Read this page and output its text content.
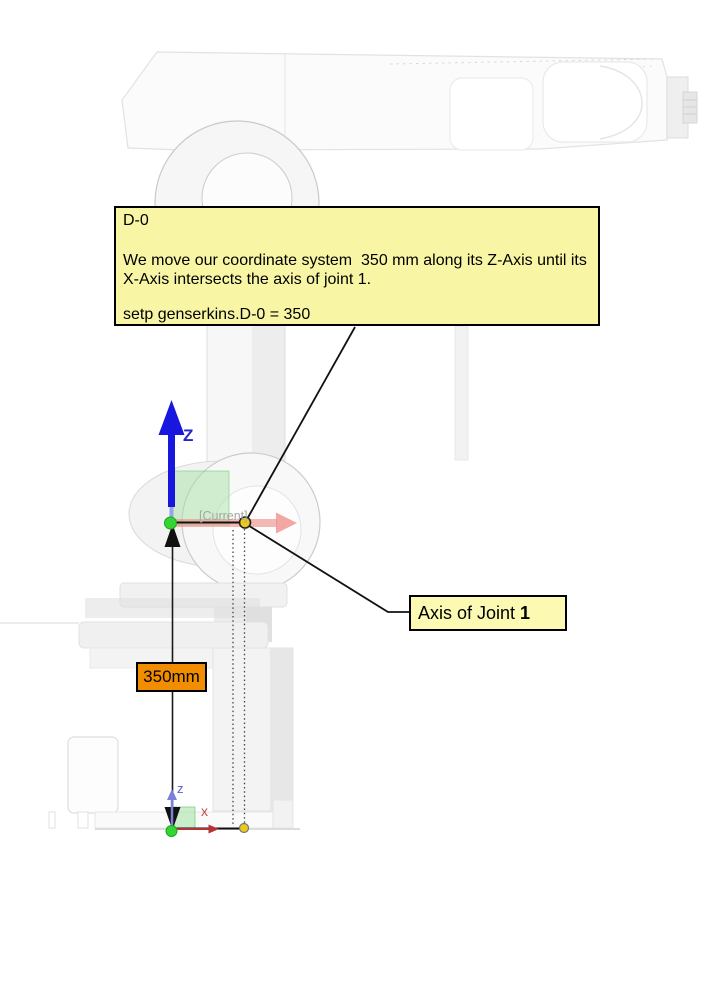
D-0

We move our coordinate system  350 mm along its Z-Axis until its X-Axis intersects the axis of joint 1.

setp genserkins.D-0 = 350

Axis of Joint 1
350mm
Z
[Current]
z
x
